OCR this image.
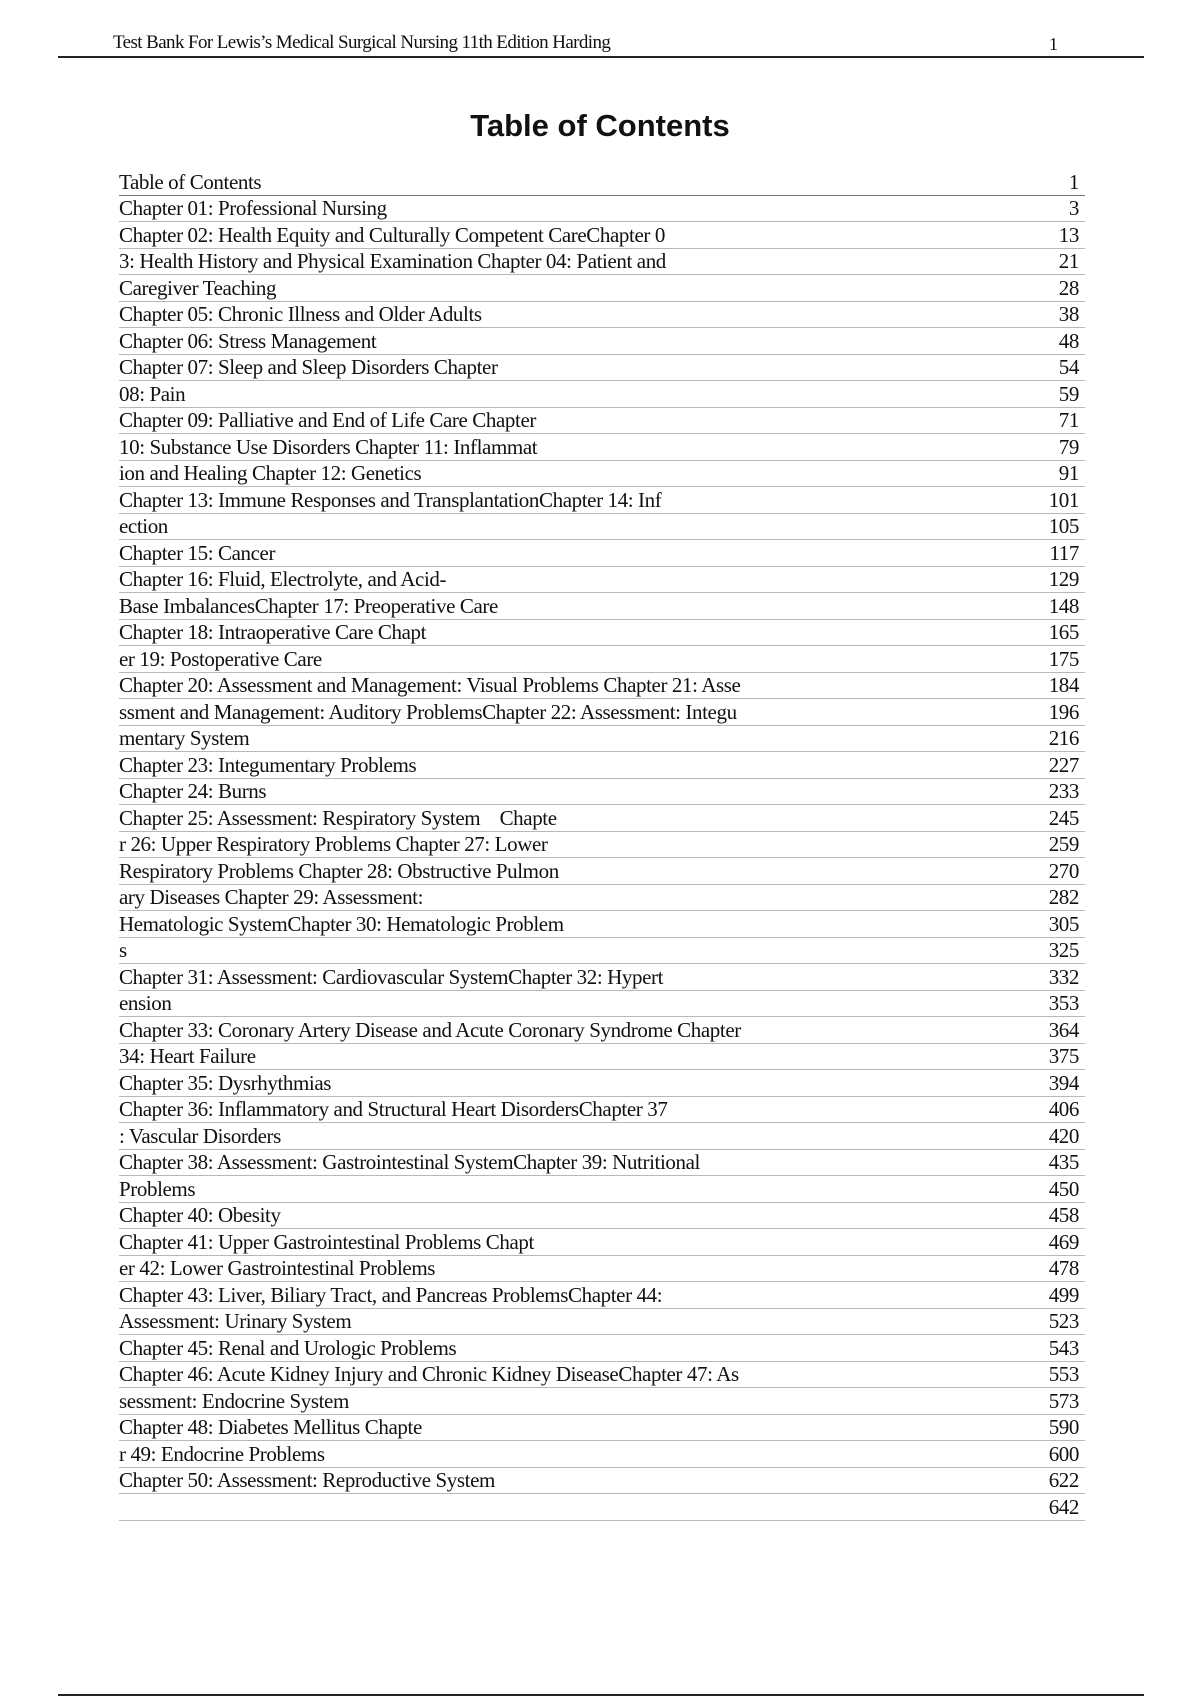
Test Bank For Lewis’s Medical Surgical Nursing 11th Edition Harding	1
Table of Contents
Table of Contents	1
Chapter 01: Professional Nursing	3
Chapter 02: Health Equity and Culturally Competent CareChapter 0	13
3: Health History and Physical Examination Chapter 04: Patient and	21
Caregiver Teaching	28
Chapter 05: Chronic Illness and Older Adults	38
Chapter 06: Stress Management	48
Chapter 07: Sleep and Sleep Disorders Chapter	54
08: Pain	59
Chapter 09: Palliative and End of Life Care Chapter	71
10: Substance Use Disorders Chapter 11: Inflammat	79
ion and Healing Chapter 12: Genetics	91
Chapter 13: Immune Responses and TransplantationChapter 14: Inf	101
ection	105
Chapter 15: Cancer	117
Chapter 16: Fluid, Electrolyte, and Acid-	129
Base ImbalancesChapter 17: Preoperative Care	148
Chapter 18: Intraoperative Care Chapt	165
er 19: Postoperative Care	175
Chapter 20: Assessment and Management: Visual Problems Chapter 21: Asse	184
ssment and Management: Auditory ProblemsChapter 22: Assessment: Integu	196
mentary System	216
Chapter 23: Integumentary Problems	227
Chapter 24: Burns	233
Chapter 25: Assessment: Respiratory System    Chapte	245
r 26: Upper Respiratory Problems Chapter 27: Lower	259
Respiratory Problems Chapter 28: Obstructive Pulmon	270
ary Diseases Chapter 29: Assessment:	282
Hematologic SystemChapter 30: Hematologic Problem	305
s	325
Chapter 31: Assessment: Cardiovascular SystemChapter 32: Hypert	332
ension	353
Chapter 33: Coronary Artery Disease and Acute Coronary Syndrome Chapter	364
34: Heart Failure	375
Chapter 35: Dysrhythmias	394
Chapter 36: Inflammatory and Structural Heart DisordersChapter 37	406
: Vascular Disorders	420
Chapter 38: Assessment: Gastrointestinal SystemChapter 39: Nutritional	435
Problems	450
Chapter 40: Obesity	458
Chapter 41: Upper Gastrointestinal Problems Chapt	469
er 42: Lower Gastrointestinal Problems	478
Chapter 43: Liver, Biliary Tract, and Pancreas ProblemsChapter 44:	499
Assessment: Urinary System	523
Chapter 45: Renal and Urologic Problems	543
Chapter 46: Acute Kidney Injury and Chronic Kidney DiseaseChapter 47: As	553
sessment: Endocrine System	573
Chapter 48: Diabetes Mellitus Chapte	590
r 49: Endocrine Problems	600
Chapter 50: Assessment: Reproductive System	622
642
